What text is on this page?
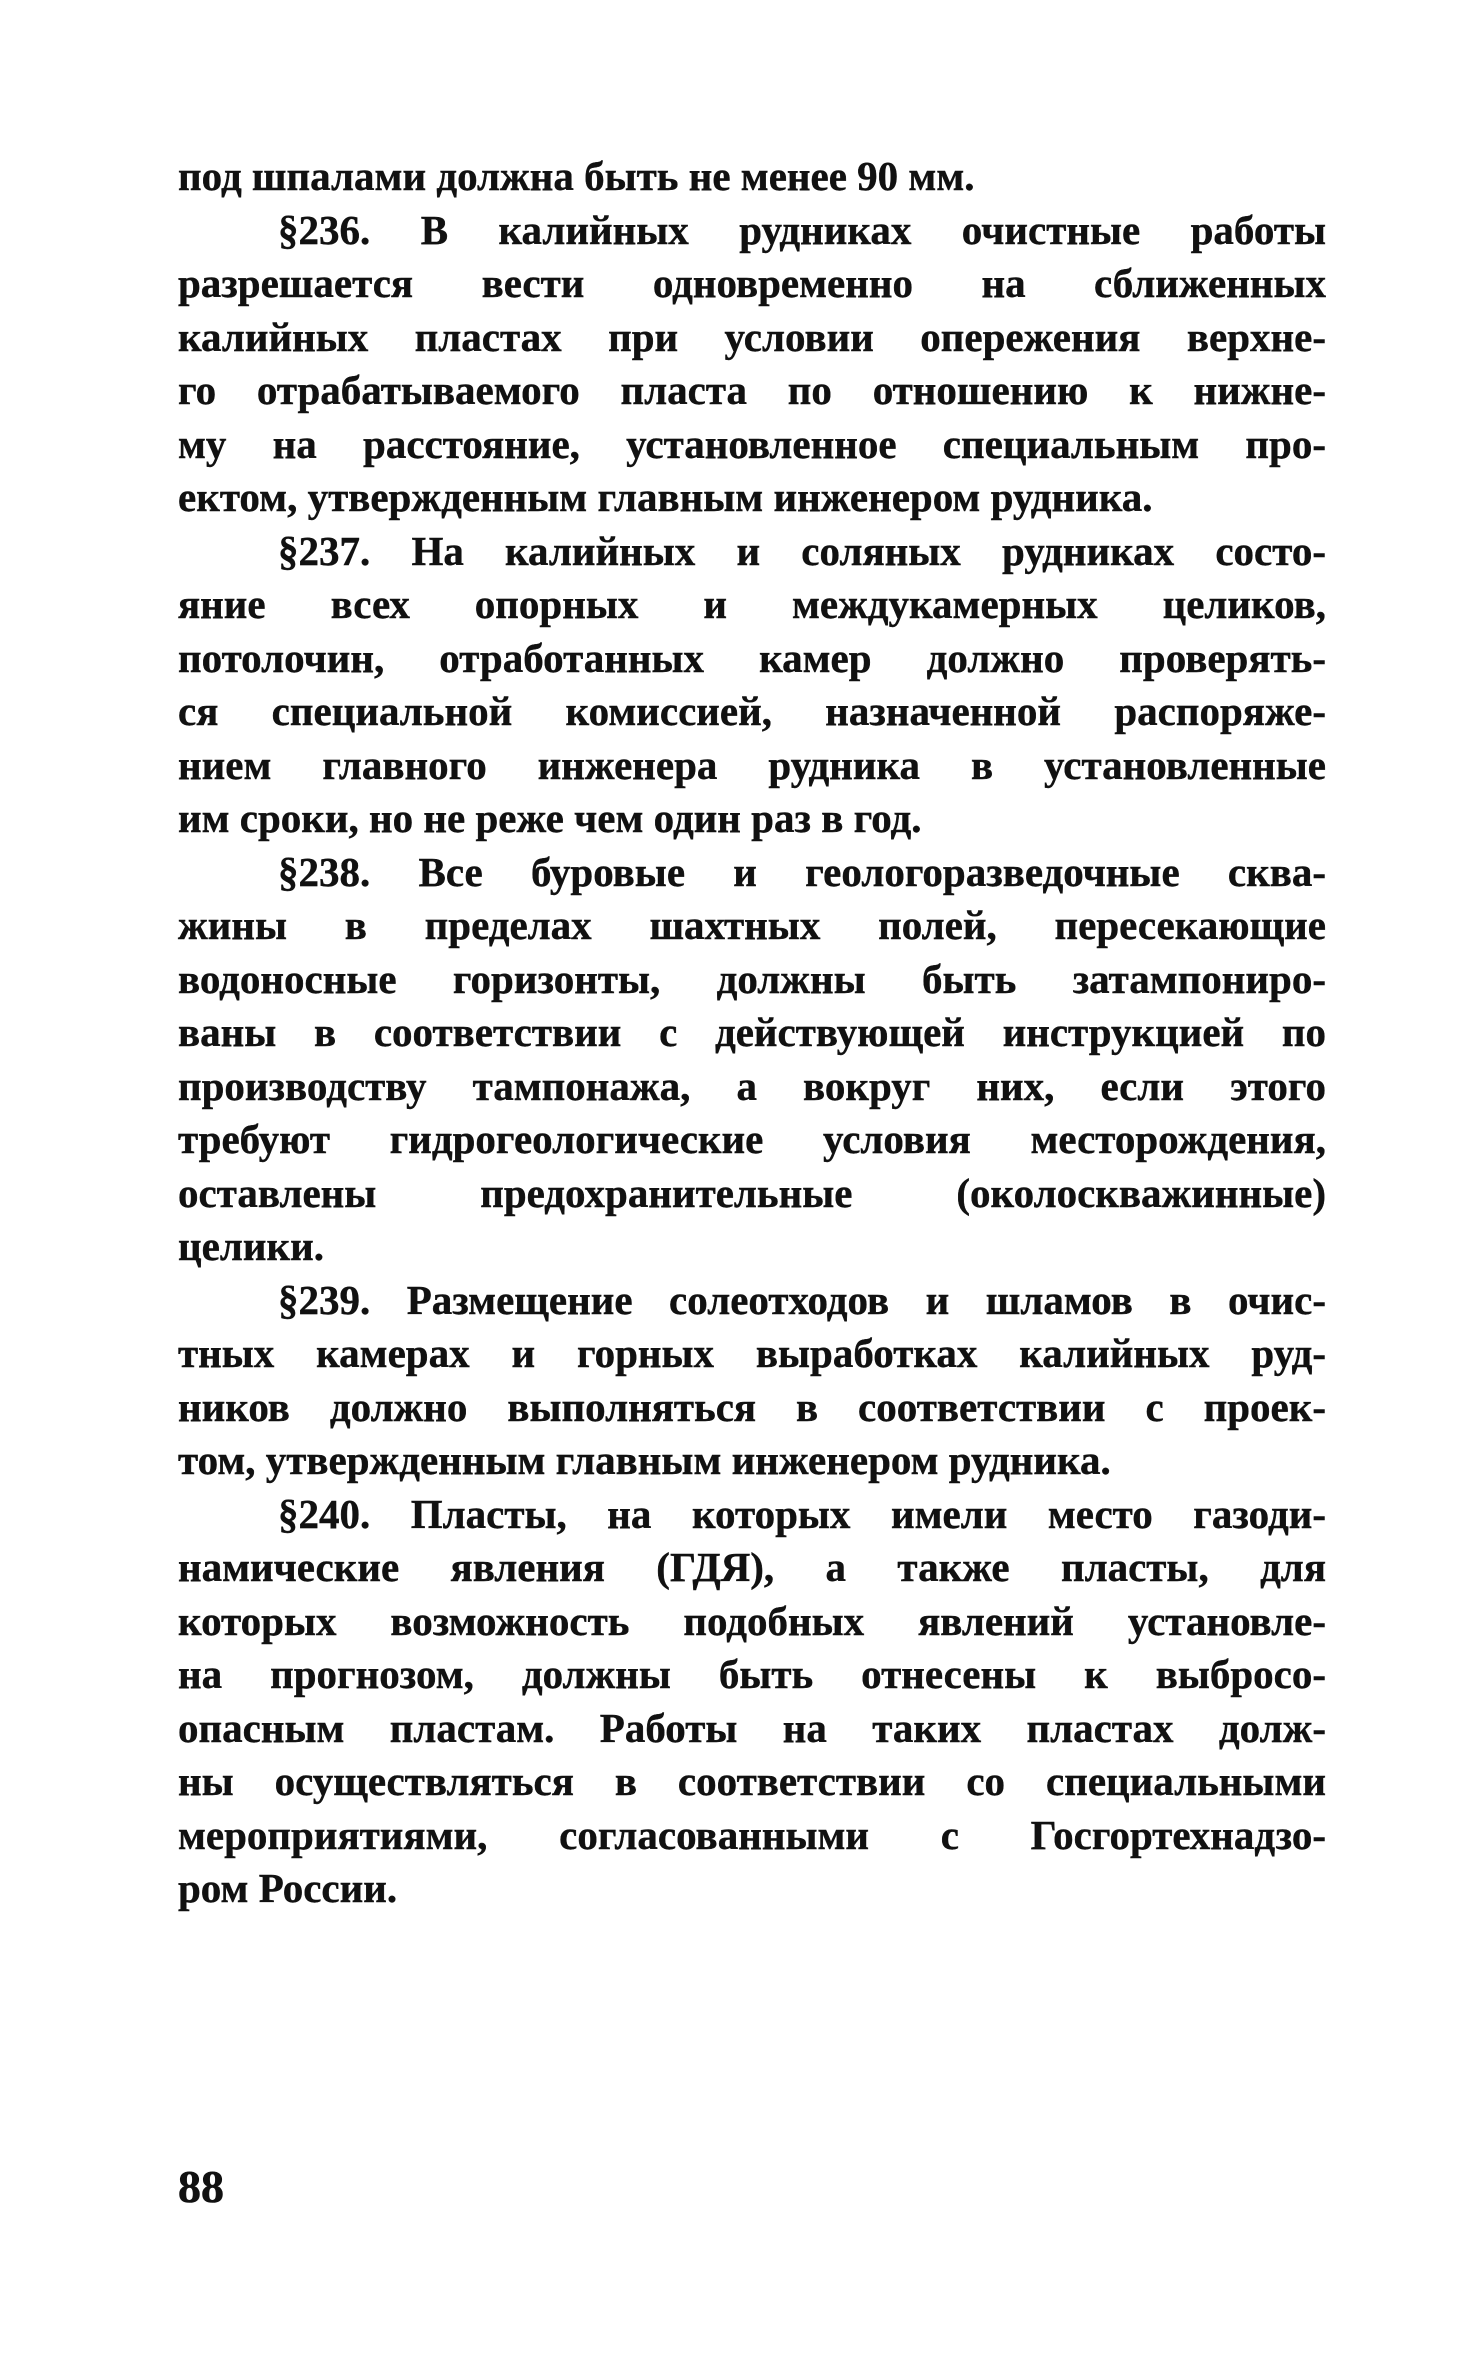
под шпалами должна быть не менее 90 мм.
§236. В калийных рудниках очистные работы
разрешается вести одновременно на сближенных
калийных пластах при условии опережения верхне-
го отрабатываемого пласта по отношению к нижне-
му на расстояние, установленное специальным про-
ектом, утвержденным главным инженером рудника.
§237. На калийных и соляных рудниках состо-
яние всех опорных и междукамерных целиков,
потолочин, отработанных камер должно проверять-
ся специальной комиссией, назначенной распоряже-
нием главного инженера рудника в установленные
им сроки, но не реже чем один раз в год.
§238. Все буровые и геологоразведочные сква-
жины в пределах шахтных полей, пересекающие
водоносные горизонты, должны быть затампониро-
ваны в соответствии с действующей инструкцией по
производству тампонажа, а вокруг них, если этого
требуют гидрогеологические условия месторождения,
оставлены предохранительные (околоскважинные)
целики.
§239. Размещение солеотходов и шламов в очис-
тных камерах и горных выработках калийных руд-
ников должно выполняться в соответствии с проек-
том, утвержденным главным инженером рудника.
§240. Пласты, на которых имели место газоди-
намические явления (ГДЯ), а также пласты, для
которых возможность подобных явлений установле-
на прогнозом, должны быть отнесены к выбросо-
опасным пластам. Работы на таких пластах долж-
ны осуществляться в соответствии со специальными
мероприятиями, согласованными с Госгортехнадзо-
ром России.
88
